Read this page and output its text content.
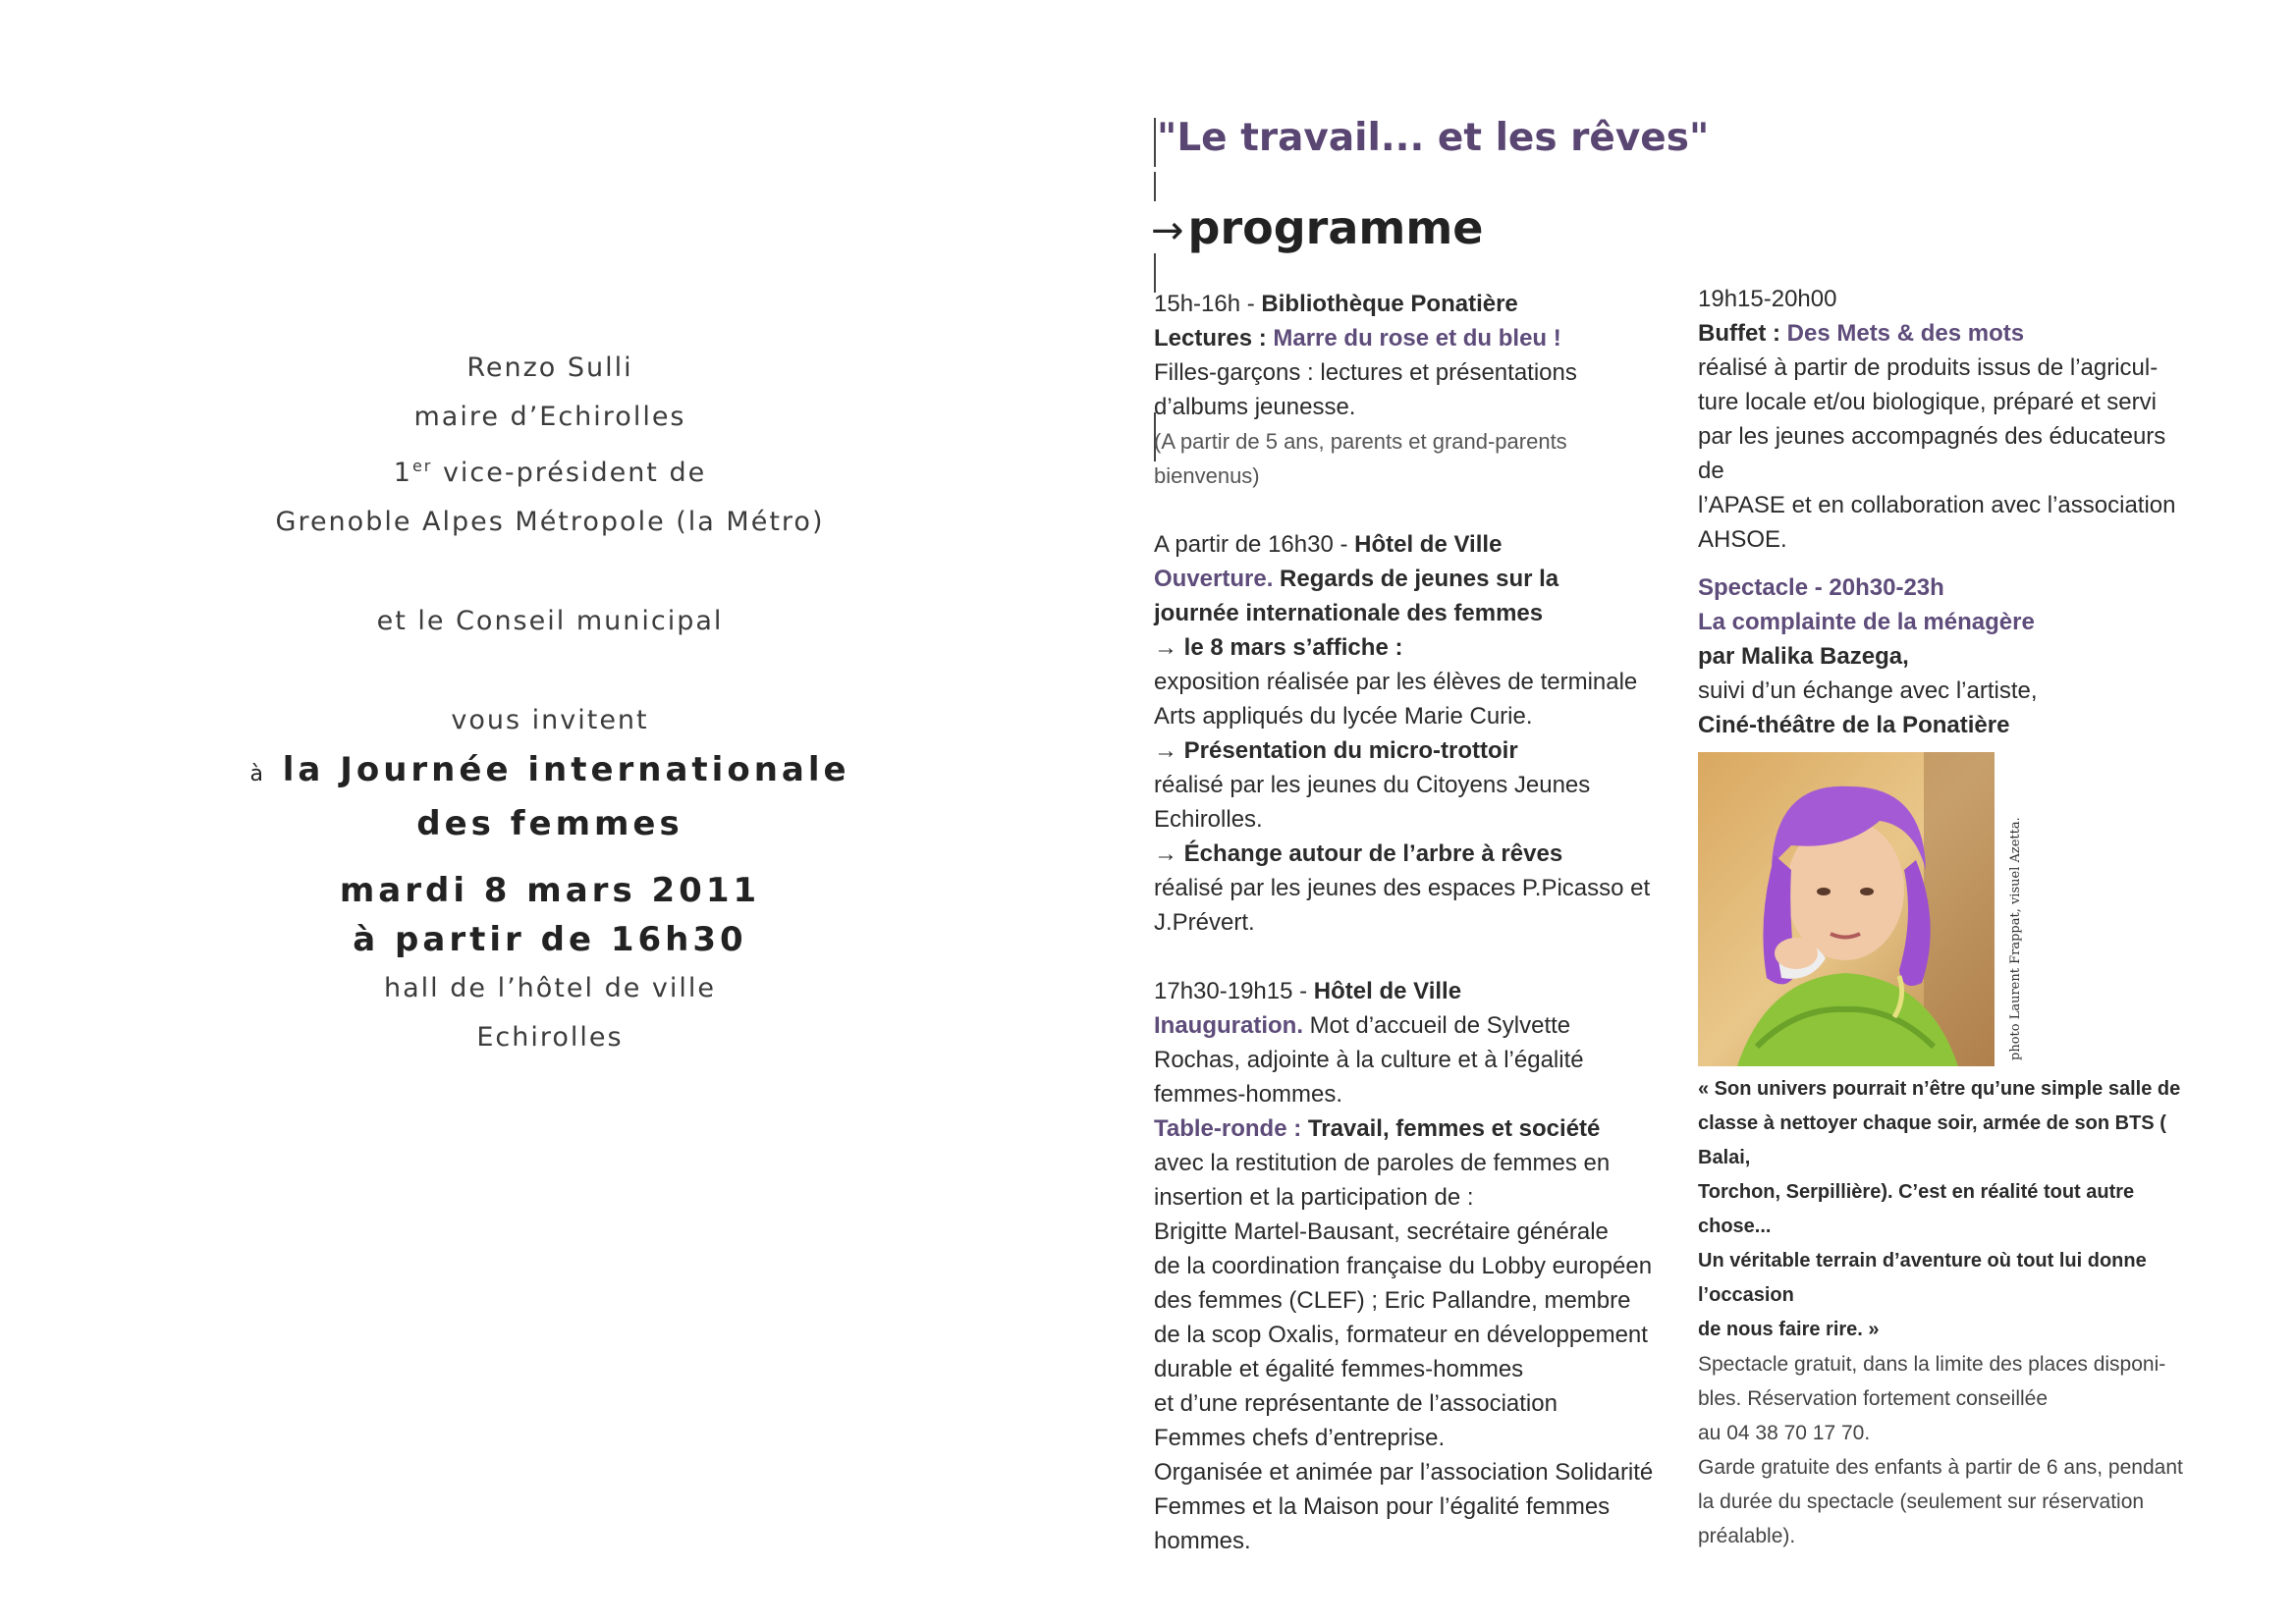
Renzo Sulli
maire d’Echirolles
1er vice-président de
Grenoble Alpes Métropole (la Métro)
et le Conseil municipal
vous invitent
à la Journée internationale
des femmes
mardi 8 mars 2011
à partir de 16h30
hall de l’hôtel de ville
Echirolles
"Le travail... et les rêves"
→programme
15h-16h - Bibliothèque Ponatière
Lectures : Marre du rose et du bleu !
Filles-garçons : lectures et présentations
d’albums jeunesse.
(A partir de 5 ans, parents et grand-parents
bienvenus)
A partir de 16h30 - Hôtel de Ville
Ouverture. Regards de jeunes sur la
journée internationale des femmes
→ le 8 mars s’affiche :
exposition réalisée par les élèves de terminale
Arts appliqués du lycée Marie Curie.
→ Présentation du micro-trottoir
réalisé par les jeunes du Citoyens Jeunes
Echirolles.
→ Échange autour de l’arbre à rêves
réalisé par les jeunes des espaces P.Picasso et
J.Prévert.
17h30-19h15 - Hôtel de Ville
Inauguration. Mot d’accueil de Sylvette
Rochas, adjointe à la culture et à l’égalité
femmes-hommes.
Table-ronde : Travail, femmes et société
avec la restitution de paroles de femmes en
insertion et la participation de :
Brigitte Martel-Bausant, secrétaire générale
de la coordination française du Lobby européen
des femmes (CLEF) ; Eric Pallandre, membre
de la scop Oxalis, formateur en développement
durable et égalité femmes-hommes
et d’une représentante de l’association
Femmes chefs d’entreprise.
Organisée et animée par l’association Solidarité
Femmes et la Maison pour l’égalité femmes
hommes.
19h15-20h00
Buffet : Des Mets & des mots
réalisé à partir de produits issus de l’agricul-
ture locale et/ou biologique, préparé et servi
par les jeunes accompagnés des éducateurs de
l’APASE et en collaboration avec l’association
AHSOE.
Spectacle - 20h30-23h
La complainte de la ménagère
par Malika Bazega,
suivi d’un échange avec l’artiste,
Ciné-théâtre de la Ponatière
« Son univers pourrait n’être qu’une simple salle de
classe à nettoyer chaque soir, armée de son BTS ( Balai,
Torchon, Serpillière). C’est en réalité tout autre chose...
Un véritable terrain d’aventure où tout lui donne l’occasion
de nous faire rire. »
Spectacle gratuit, dans la limite des places disponi-
bles. Réservation fortement conseillée
au 04 38 70 17 70.
Garde gratuite des enfants à partir de 6 ans, pendant
la durée du spectacle (seulement sur réservation
préalable).
photo Laurent Frappat, visuel Azetta.
